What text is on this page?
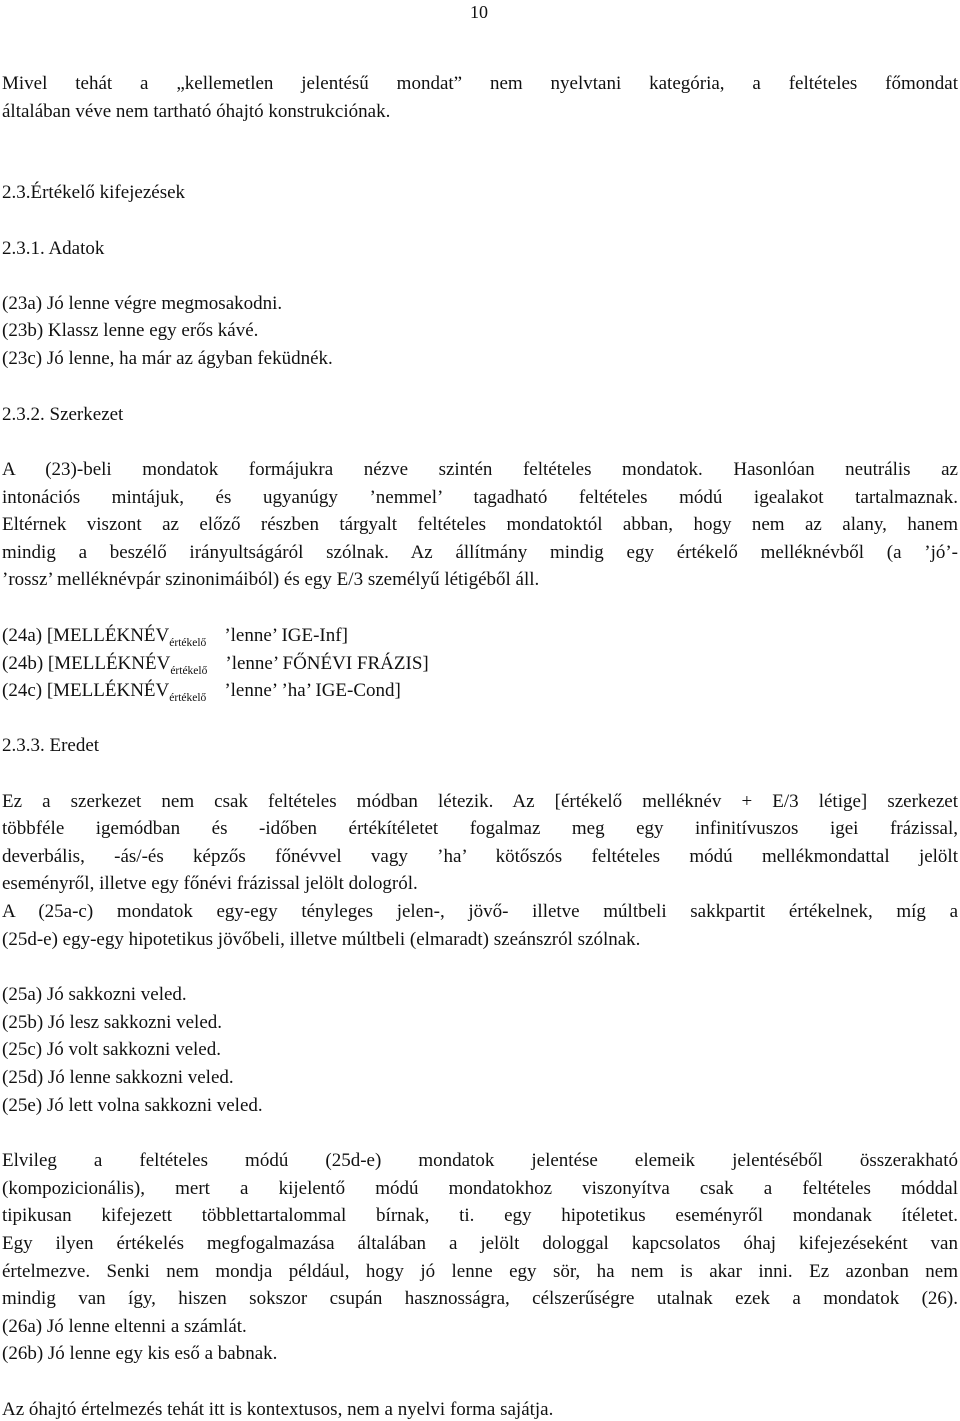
10
Mivel tehát a „kellemetlen jelentésű mondat” nem nyelvtani kategória, a feltételes főmondat
általában véve nem tartható óhajtó konstrukciónak.
2.3.Értékelő kifejezések
2.3.1. Adatok
(23a) Jó lenne végre megmosakodni.
(23b) Klassz lenne egy erős kávé.
(23c) Jó lenne, ha már az ágyban feküdnék.
2.3.2. Szerkezet
A (23)-beli mondatok formájukra nézve szintén feltételes mondatok. Hasonlóan neutrális az
intonációs mintájuk, és ugyanúgy ’nemmel’ tagadható feltételes módú igealakot tartalmaznak.
Eltérnek viszont az előző részben tárgyalt feltételes mondatoktól abban, hogy nem az alany, hanem
mindig a beszélő irányultságáról szólnak. Az állítmány mindig egy értékelő melléknévből (a ’jó’-
’rossz’ melléknévpár szinonimáiból) és egy E/3 személyű létigéből áll.
(24a) [$MELLÉKNÉV_{értékelő}$ ’lenne’ IGE-Inf]
(24b) [$MELLÉKNÉV_{értékelő}$ ’lenne’ FŐNÉVI FRÁZIS]
(24c) [$MELLÉKNÉV_{értékelő}$ ’lenne’ ’ha’ IGE-Cond]
2.3.3. Eredet
Ez a szerkezet nem csak feltételes módban létezik. Az [értékelő melléknév + E/3 létige] szerkezet
többféle igemódban és -időben értékítéletet fogalmaz meg egy infinitívuszos igei frázissal,
deverbális, -ás/-és képzős főnévvel vagy ’ha’ kötőszós feltételes módú mellékmondattal jelölt
eseményről, illetve egy főnévi frázissal jelölt dologról.
A (25a-c) mondatok egy-egy tényleges jelen-, jövő- illetve múltbeli sakkpartit értékelnek, míg a
(25d-e) egy-egy hipotetikus jövőbeli, illetve múltbeli (elmaradt) szeánszról szólnak.
(25a) Jó sakkozni veled.
(25b) Jó lesz sakkozni veled.
(25c) Jó volt sakkozni veled.
(25d) Jó lenne sakkozni veled.
(25e) Jó lett volna sakkozni veled.
Elvileg a feltételes módú (25d-e) mondatok jelentése elemeik jelentéséből összerakható
(kompozicionális), mert a kijelentő módú mondatokhoz viszonyítva csak a feltételes móddal
tipikusan kifejezett többlettartalommal bírnak, ti. egy hipotetikus eseményről mondanak ítéletet.
Egy ilyen értékelés megfogalmazása általában a jelölt dologgal kapcsolatos óhaj kifejezéseként van
értelmezve. Senki nem mondja például, hogy jó lenne egy sör, ha nem is akar inni. Ez azonban nem
mindig van így, hiszen sokszor csupán hasznosságra, célszerűségre utalnak ezek a mondatok (26).
(26a) Jó lenne eltenni a számlát.
(26b) Jó lenne egy kis eső a babnak.
Az óhajtó értelmezés tehát itt is kontextusos, nem a nyelvi forma sajátja.
